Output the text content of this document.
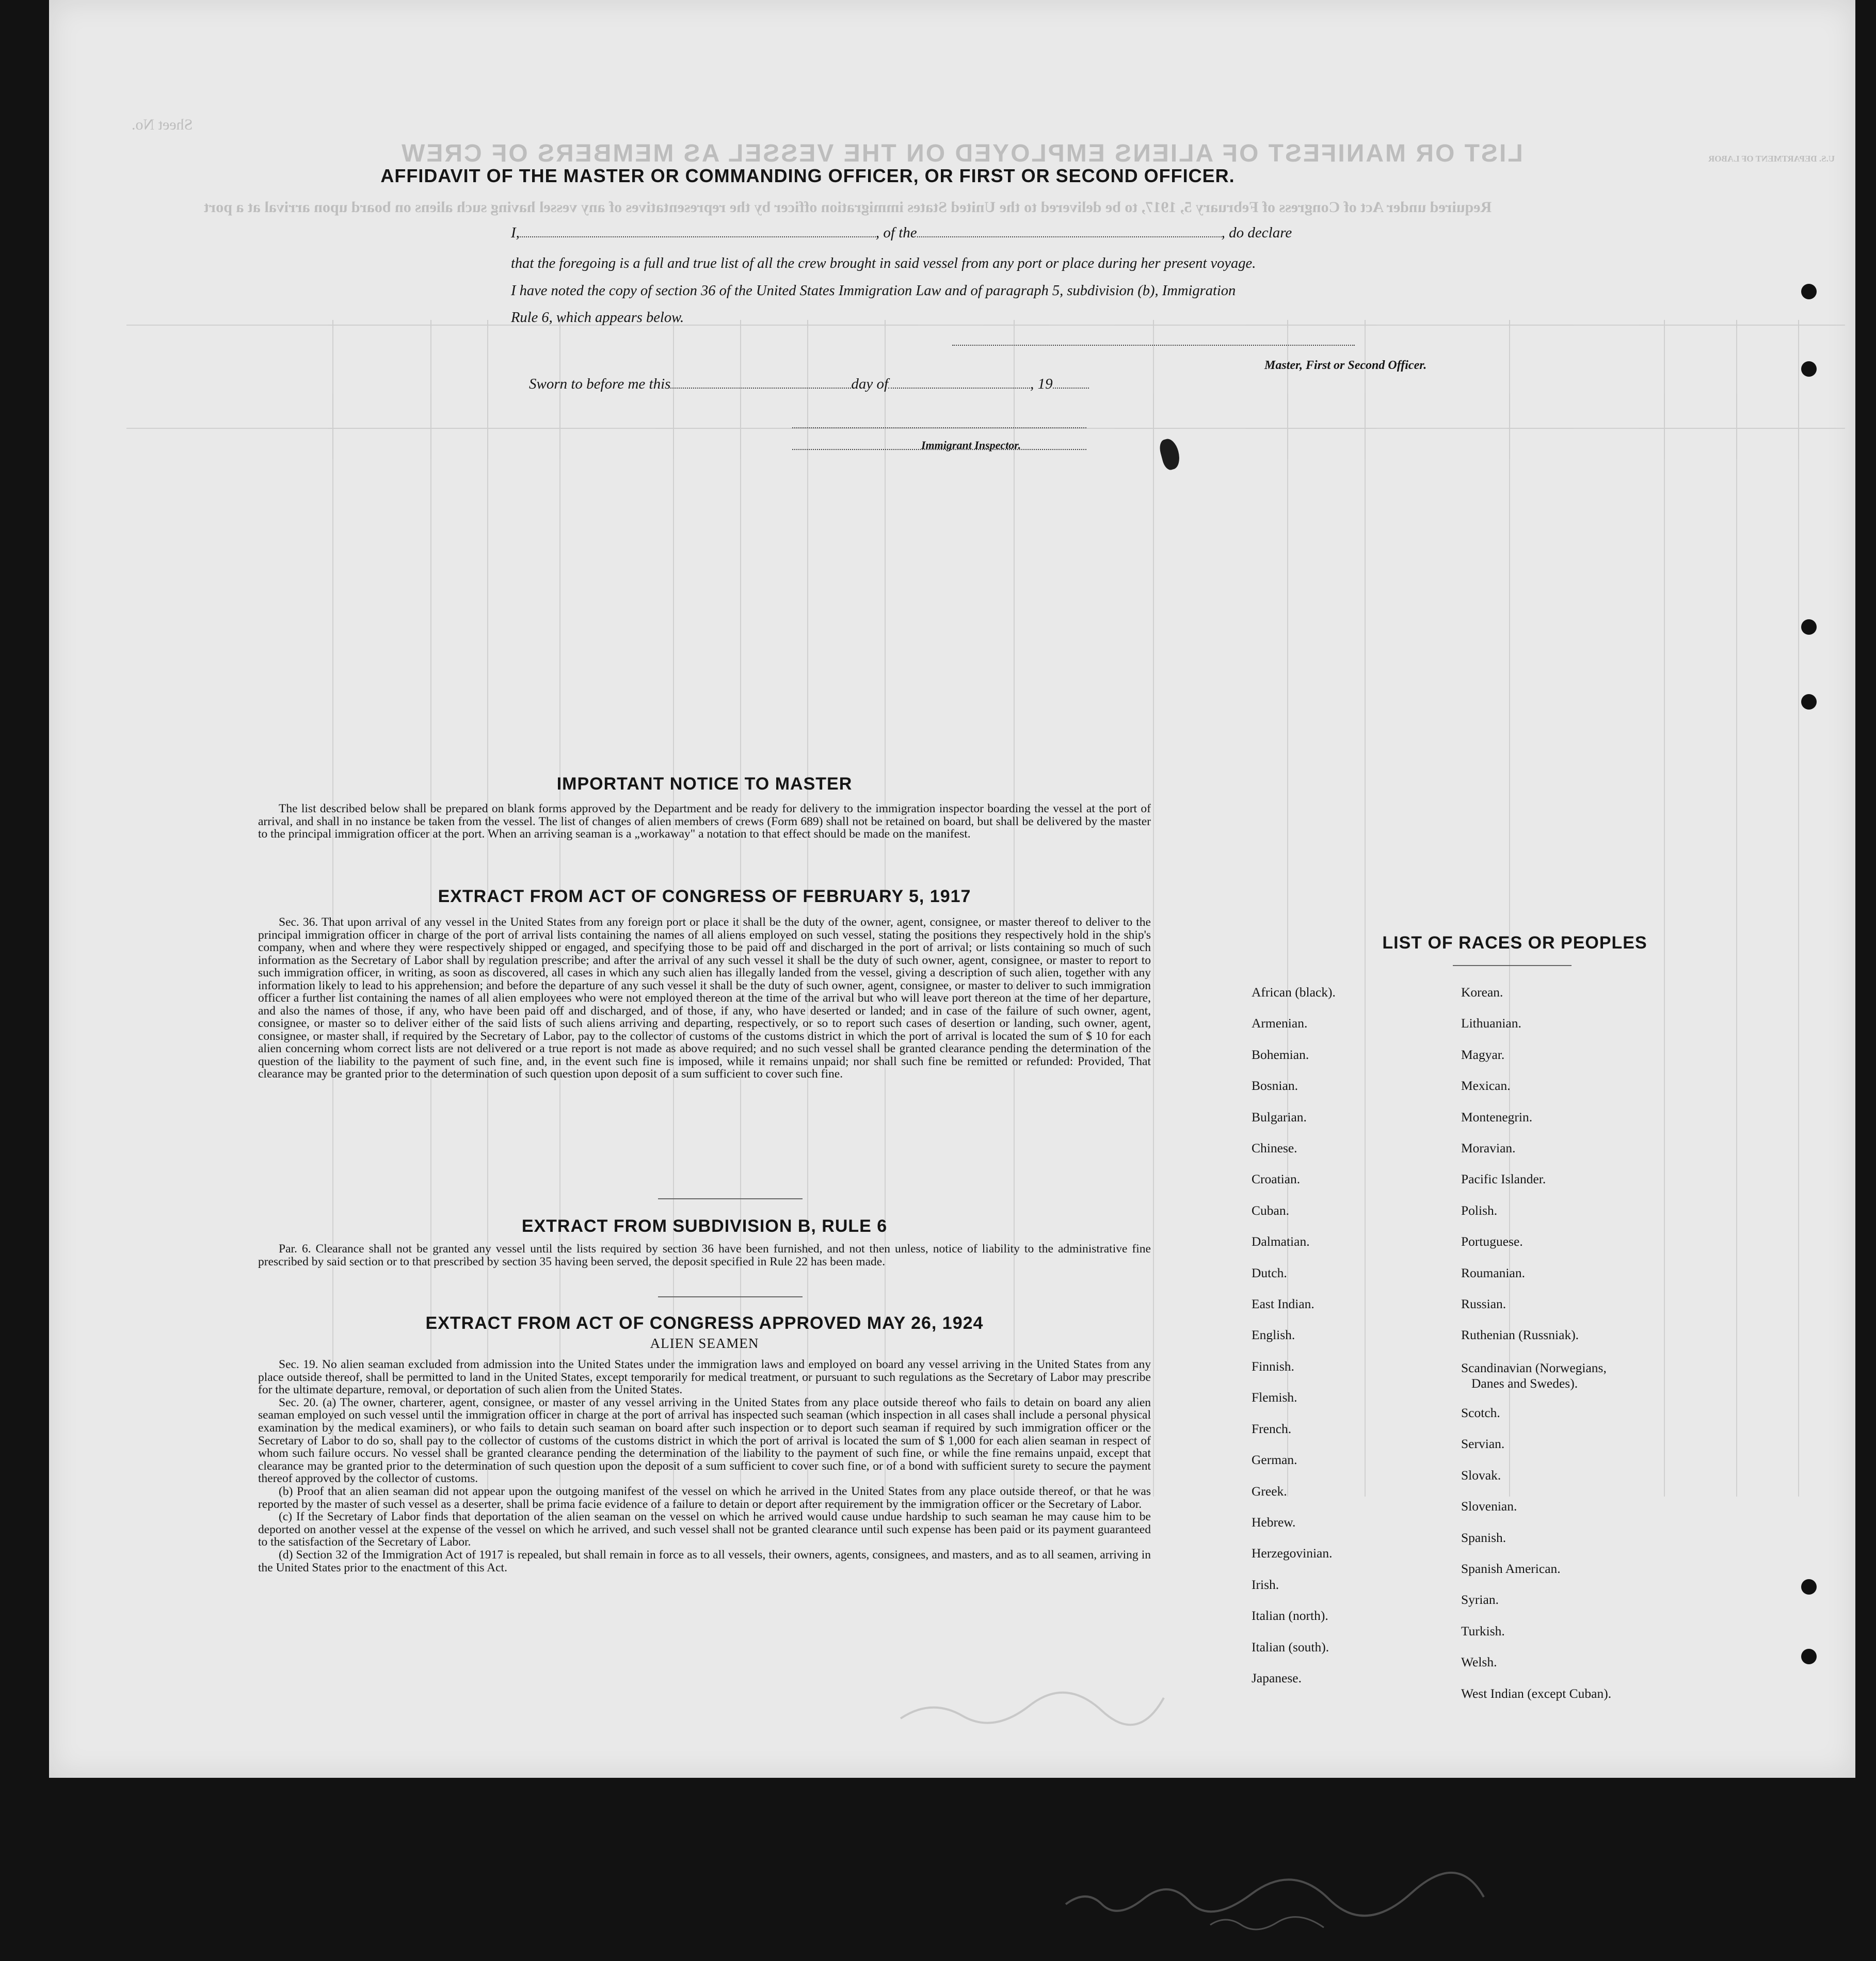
LIST OR MANIFEST OF ALIENS EMPLOYED ON THE VESSEL AS MEMBERS OF CREW
Required under Act of Congress of February 5, 1917, to be delivered to the United States immigration officer by the representatives of any vessel having such aliens on board upon arrival at a port
U.S. DEPARTMENT OF LABOR
Sheet No.
AFFIDAVIT OF THE MASTER OR COMMANDING OFFICER, OR FIRST OR SECOND OFFICER.
I,	, of the	, do declare
that the foregoing is a full and true list of all the crew brought in said vessel from any port or place during her present voyage.
I have noted the copy of section 36 of the United States Immigration Law and of paragraph 5, subdivision (b), Immigration
Rule 6, which appears below.
Master, First or Second Officer.
Sworn to before me this	day of	, 19
Immigrant Inspector.
IMPORTANT NOTICE TO MASTER

The list described below shall be prepared on blank forms approved by the Department and be ready for delivery to the immigration inspector boarding the vessel at the port of arrival, and shall in no instance be taken from the vessel. The list of changes of alien members of crews (Form 689) shall not be retained on board, but shall be delivered by the master to the principal immigration officer at the port. When an arriving seaman is a „workaway" a notation to that effect should be made on the manifest.

EXTRACT FROM ACT OF CONGRESS OF FEBRUARY 5, 1917

Sec. 36. That upon arrival of any vessel in the United States from any foreign port or place it shall be the duty of the owner, agent, consignee, or master thereof to deliver to the principal immigration officer in charge of the port of arrival lists containing the names of all aliens employed on such vessel, stating the positions they respectively hold in the ship's company, when and where they were respectively shipped or engaged, and specifying those to be paid off and discharged in the port of arrival; or lists containing so much of such information as the Secretary of Labor shall by regulation prescribe; and after the arrival of any such vessel it shall be the duty of such owner, agent, consignee, or master to report to such immigration officer, in writing, as soon as discovered, all cases in which any such alien has illegally landed from the vessel, giving a description of such alien, together with any information likely to lead to his apprehension; and before the departure of any such vessel it shall be the duty of such owner, agent, consignee, or master to deliver to such immigration officer a further list containing the names of all alien employees who were not employed thereon at the time of the arrival but who will leave port thereon at the time of her departure, and also the names of those, if any, who have been paid off and discharged, and of those, if any, who have deserted or landed; and in case of the failure of such owner, agent, consignee, or master so to deliver either of the said lists of such aliens arriving and departing, respectively, or so to report such cases of desertion or landing, such owner, agent, consignee, or master shall, if required by the Secretary of Labor, pay to the collector of customs of the customs district in which the port of arrival is located the sum of $ 10 for each alien concerning whom correct lists are not delivered or a true report is not made as above required; and no such vessel shall be granted clearance pending the determination of the question of the liability to the payment of such fine, and, in the event such fine is imposed, while it remains unpaid; nor shall such fine be remitted or refunded: Provided, That clearance may be granted prior to the determination of such question upon deposit of a sum sufficient to cover such fine.

EXTRACT FROM SUBDIVISION B, RULE 6

Par. 6. Clearance shall not be granted any vessel until the lists required by section 36 have been furnished, and not then unless, notice of liability to the administrative fine prescribed by said section or to that prescribed by section 35 having been served, the deposit specified in Rule 22 has been made.

EXTRACT FROM ACT OF CONGRESS APPROVED MAY 26, 1924
ALIEN SEAMEN

Sec. 19. No alien seaman excluded from admission into the United States under the immigration laws and employed on board any vessel arriving in the United States from any place outside thereof, shall be permitted to land in the United States, except temporarily for medical treatment, or pursuant to such regulations as the Secretary of Labor may prescribe for the ultimate departure, removal, or deportation of such alien from the United States.

Sec. 20. (a) The owner, charterer, agent, consignee, or master of any vessel arriving in the United States from any place outside thereof who fails to detain on board any alien seaman employed on such vessel until the immigration officer in charge at the port of arrival has inspected such seaman (which inspection in all cases shall include a personal physical examination by the medical examiners), or who fails to detain such seaman on board after such inspection or to deport such seaman if required by such immigration officer or the Secretary of Labor to do so, shall pay to the collector of customs of the customs district in which the port of arrival is located the sum of $ 1,000 for each alien seaman in respect of whom such failure occurs. No vessel shall be granted clearance pending the determination of the liability to the payment of such fine, or while the fine remains unpaid, except that clearance may be granted prior to the determination of such question upon the deposit of a sum sufficient to cover such fine, or of a bond with sufficient surety to secure the payment thereof approved by the collector of customs.

(b) Proof that an alien seaman did not appear upon the outgoing manifest of the vessel on which he arrived in the United States from any place outside thereof, or that he was reported by the master of such vessel as a deserter, shall be prima facie evidence of a failure to detain or deport after requirement by the immigration officer or the Secretary of Labor.

(c) If the Secretary of Labor finds that deportation of the alien seaman on the vessel on which he arrived would cause undue hardship to such seaman he may cause him to be deported on another vessel at the expense of the vessel on which he arrived, and such vessel shall not be granted clearance until such expense has been paid or its payment guaranteed to the satisfaction of the Secretary of Labor.

(d) Section 32 of the Immigration Act of 1917 is repealed, but shall remain in force as to all vessels, their owners, agents, consignees, and masters, and as to all seamen, arriving in the United States prior to the enactment of this Act.

LIST OF RACES OR PEOPLES
African (black).
Armenian.
Bohemian.
Bosnian.
Bulgarian.
Chinese.
Croatian.
Cuban.
Dalmatian.
Dutch.
East Indian.
English.
Finnish.
Flemish.
French.
German.
Greek.
Hebrew.
Herzegovinian.
Irish.
Italian (north).
Italian (south).
Japanese.
Korean.
Lithuanian.
Magyar.
Mexican.
Montenegrin.
Moravian.
Pacific Islander.
Polish.
Portuguese.
Roumanian.
Russian.
Ruthenian (Russniak).
Scandinavian (Norwegians,
Danes and Swedes).
Scotch.
Servian.
Slovak.
Slovenian.
Spanish.
Spanish American.
Syrian.
Turkish.
Welsh.
West Indian (except Cuban).
